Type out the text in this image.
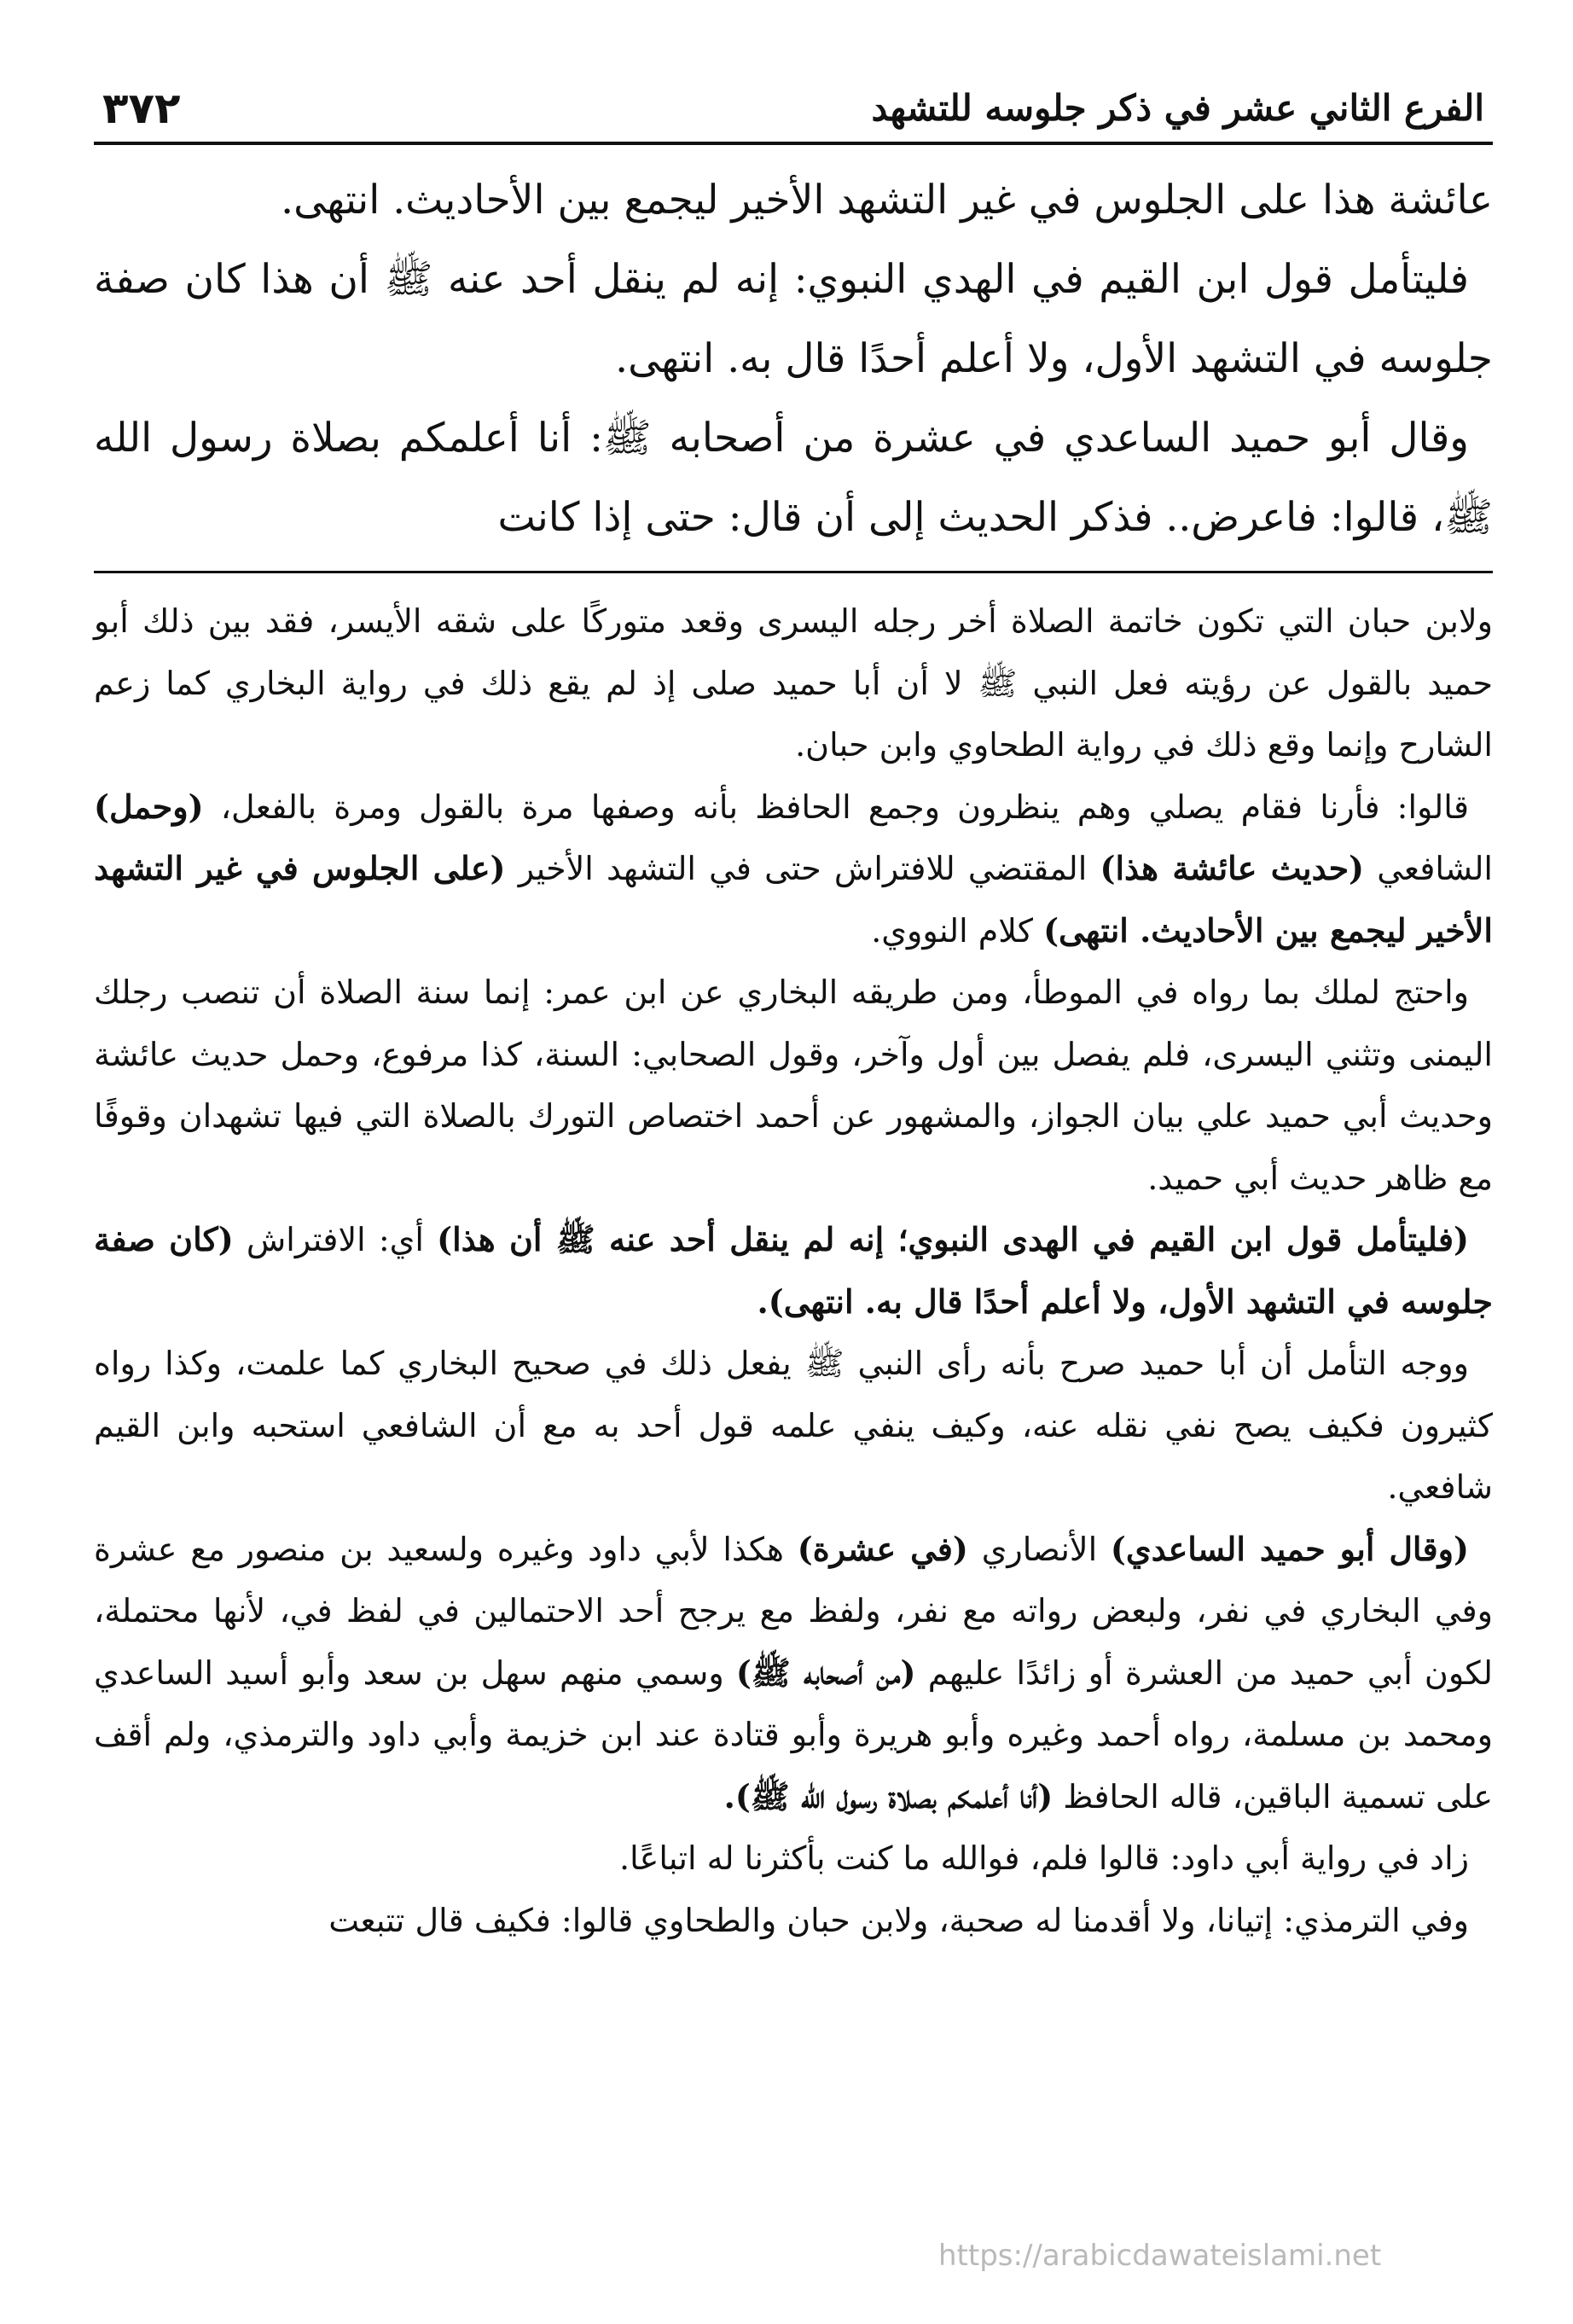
الفرع الثاني عشر في ذكر جلوسه للتشهد
٣٧٢

عائشة هذا على الجلوس في غير التشهد الأخير ليجمع بين الأحاديث. انتهى.

فليتأمل قول ابن القيم في الهدي النبوي: إنه لم ينقل أحد عنه ﷺ أن هذا كان صفة جلوسه في التشهد الأول، ولا أعلم أحدًا قال به. انتهى.

وقال أبو حميد الساعدي في عشرة من أصحابه ﷺ: أنا أعلمكم بصلاة رسول الله ﷺ، قالوا: فاعرض.. فذكر الحديث إلى أن قال: حتى إذا كانت

ولابن حبان التي تكون خاتمة الصلاة أخر رجله اليسرى وقعد متوركًا على شقه الأيسر، فقد بين ذلك أبو حميد بالقول عن رؤيته فعل النبي ﷺ لا أن أبا حميد صلى إذ لم يقع ذلك في رواية البخاري كما زعم الشارح وإنما وقع ذلك في رواية الطحاوي وابن حبان.

قالوا: فأرنا فقام يصلي وهم ينظرون وجمع الحافظ بأنه وصفها مرة بالقول ومرة بالفعل، (وحمل) الشافعي (حديث عائشة هذا) المقتضي للافتراش حتى في التشهد الأخير (على الجلوس في غير التشهد الأخير ليجمع بين الأحاديث. انتهى) كلام النووي.

واحتج لملك بما رواه في الموطأ، ومن طريقه البخاري عن ابن عمر: إنما سنة الصلاة أن تنصب رجلك اليمنى وتثني اليسرى، فلم يفصل بين أول وآخر، وقول الصحابي: السنة، كذا مرفوع، وحمل حديث عائشة وحديث أبي حميد علي بيان الجواز، والمشهور عن أحمد اختصاص التورك بالصلاة التي فيها تشهدان وقوفًا مع ظاهر حديث أبي حميد.

(فليتأمل قول ابن القيم في الهدى النبوي؛ إنه لم ينقل أحد عنه ﷺ أن هذا) أي: الافتراش (كان صفة جلوسه في التشهد الأول، ولا أعلم أحدًا قال به. انتهى).

ووجه التأمل أن أبا حميد صرح بأنه رأى النبي ﷺ يفعل ذلك في صحيح البخاري كما علمت، وكذا رواه كثيرون فكيف يصح نفي نقله عنه، وكيف ينفي علمه قول أحد به مع أن الشافعي استحبه وابن القيم شافعي.

(وقال أبو حميد الساعدي) الأنصاري (في عشرة) هكذا لأبي داود وغيره ولسعيد بن منصور مع عشرة وفي البخاري في نفر، ولبعض رواته مع نفر، ولفظ مع يرجح أحد الاحتمالين في لفظ في، لأنها محتملة، لكون أبي حميد من العشرة أو زائدًا عليهم (من أصحابه ﷺ) وسمي منهم سهل بن سعد وأبو أسيد الساعدي ومحمد بن مسلمة، رواه أحمد وغيره وأبو هريرة وأبو قتادة عند ابن خزيمة وأبي داود والترمذي، ولم أقف على تسمية الباقين، قاله الحافظ (أنا أعلمكم بصلاة رسول الله ﷺ).

زاد في رواية أبي داود: قالوا فلم، فوالله ما كنت بأكثرنا له اتباعًا.

وفي الترمذي: إتيانا، ولا أقدمنا له صحبة، ولابن حبان والطحاوي قالوا: فكيف قال تتبعت

https://arabicdawateislami.net
